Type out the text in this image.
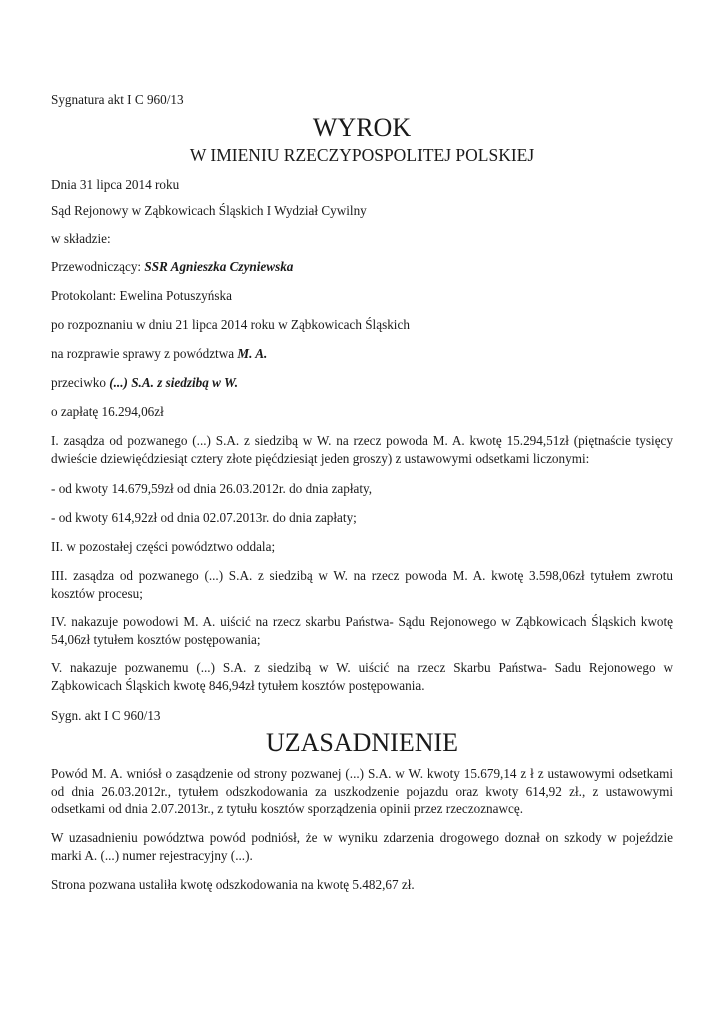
Sygnatura akt I C 960/13

WYROK
W IMIENIU RZECZYPOSPOLITEJ POLSKIEJ

Dnia 31 lipca 2014 roku

Sąd Rejonowy w Ząbkowicach Śląskich I Wydział Cywilny

w składzie:

Przewodniczący: SSR Agnieszka Czyniewska

Protokolant: Ewelina Potuszyńska

po rozpoznaniu w dniu 21 lipca 2014 roku w Ząbkowicach Śląskich

na rozprawie sprawy z powództwa M. A.

przeciwko (...) S.A. z siedzibą w W.

o zapłatę 16.294,06zł

I. zasądza od pozwanego (...) S.A. z siedzibą w W. na rzecz powoda M. A. kwotę 15.294,51zł (piętnaście tysięcy dwieście dziewięćdziesiąt cztery złote pięćdziesiąt jeden groszy) z ustawowymi odsetkami liczonymi:

- od kwoty 14.679,59zł od dnia 26.03.2012r. do dnia zapłaty,

- od kwoty 614,92zł od dnia 02.07.2013r. do dnia zapłaty;

II. w pozostałej części powództwo oddala;

III. zasądza od pozwanego (...) S.A. z siedzibą w W. na rzecz powoda M. A. kwotę 3.598,06zł tytułem zwrotu kosztów procesu;

IV. nakazuje powodowi M. A. uiścić na rzecz skarbu Państwa- Sądu Rejonowego w Ząbkowicach Śląskich kwotę 54,06zł tytułem kosztów postępowania;

V. nakazuje pozwanemu (...) S.A. z siedzibą w W. uiścić na rzecz Skarbu Państwa- Sadu Rejonowego w Ząbkowicach Śląskich kwotę 846,94zł tytułem kosztów postępowania.

Sygn. akt I C 960/13

UZASADNIENIE

Powód M. A. wniósł o zasądzenie od strony pozwanej (...) S.A. w W. kwoty 15.679,14 z ł z ustawowymi odsetkami od dnia 26.03.2012r., tytułem odszkodowania za uszkodzenie pojazdu oraz kwoty 614,92 zł., z ustawowymi odsetkami od dnia 2.07.2013r., z tytułu kosztów sporządzenia opinii przez rzeczoznawcę.

W uzasadnieniu powództwa powód podniósł, że w wyniku zdarzenia drogowego doznał on szkody w pojeździe marki A. (...) numer rejestracyjny (...).

Strona pozwana ustaliła kwotę odszkodowania na kwotę 5.482,67 zł.
